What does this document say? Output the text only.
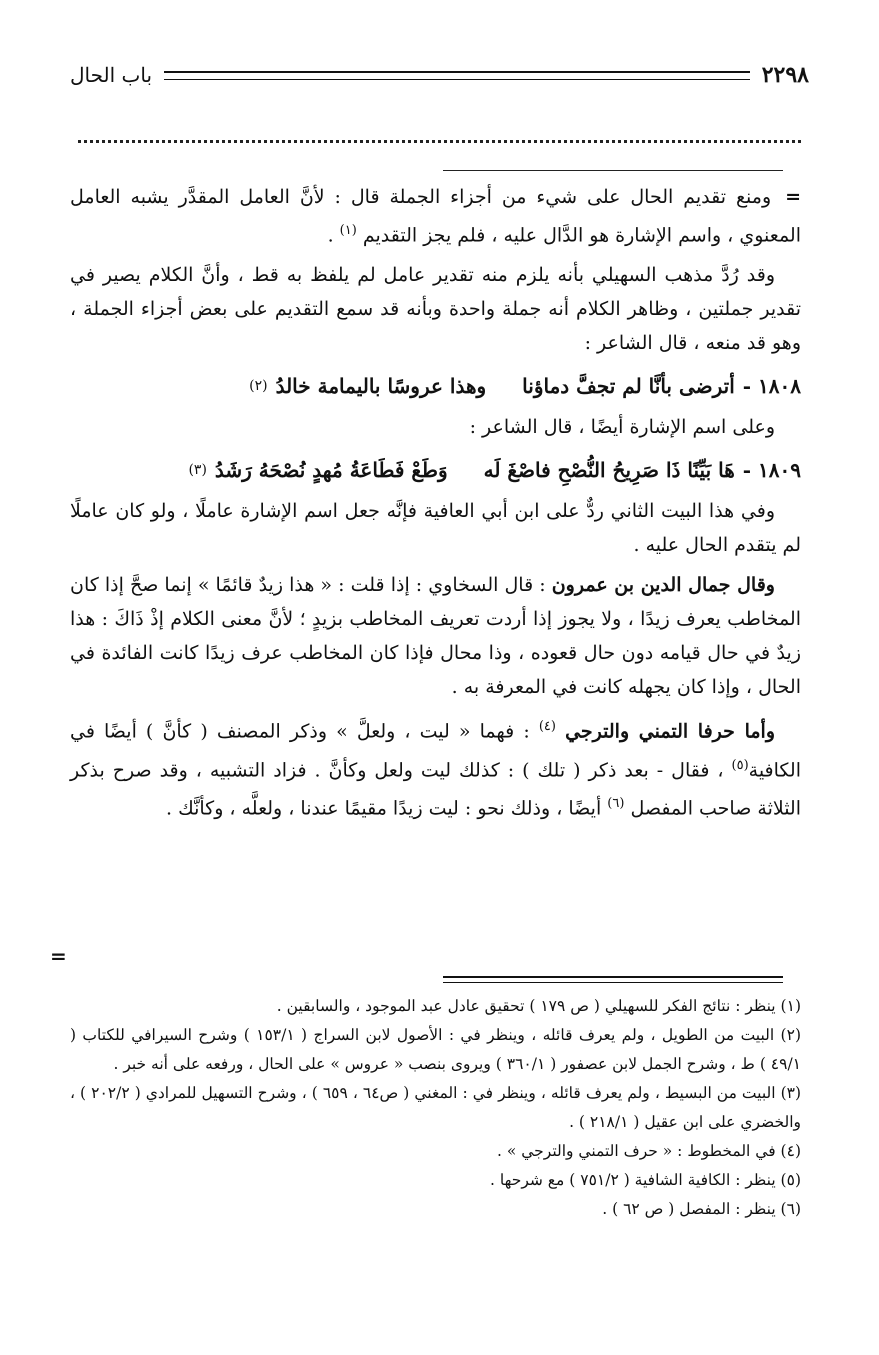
٢٢٩٨
باب الحال

= ومنع تقديم الحال على شيء من أجزاء الجملة قال : لأنَّ العامل المقدَّر يشبه العامل المعنوي ، واسم الإشارة هو الدَّال عليه ، فلم يجز التقديم $^{(١)}$ .

وقد رُدَّ مذهب السهيلي بأنه يلزم منه تقدير عامل لم يلفظ به قط ، وأنَّ الكلام يصير في تقدير جملتين ، وظاهر الكلام أنه جملة واحدة وبأنه قد سمع التقديم على بعض أجزاء الجملة ، وهو قد منعه ، قال الشاعر :

١٨٠٨ -
أترضى بأنَّا لم تجفَّ دماؤنا
وهذا عروسًا باليمامة خالدُ
(٢)

وعلى اسم الإشارة أيضًا ، قال الشاعر :

١٨٠٩ -
هَا بَيِّنًا ذَا صَرِيحُ النُّصْحِ فاصْغَ لَه
وَطَعْ فَطَاعَةُ مُهدٍ نُصْحَهُ رَشَدُ
(٣)

وفي هذا البيت الثاني ردٌّ على ابن أبي العافية فإنَّه جعل اسم الإشارة عاملًا ، ولو كان عاملًا لم يتقدم الحال عليه .

وقال جمال الدين بن عمرون : قال السخاوي : إذا قلت : « هذا زيدٌ قائمًا » إنما صحَّ إذا كان المخاطب يعرف زيدًا ، ولا يجوز إذا أردت تعريف المخاطب بزيدٍ ؛ لأنَّ معنى الكلام إذْ ذَاكَ : هذا زيدٌ في حال قيامه دون حال قعوده ، وذا محال فإذا كان المخاطب عرف زيدًا كانت الفائدة في الحال ، وإذا كان يجهله كانت في المعرفة به .

وأما حرفا التمني والترجي $^{(٤)}$ : فهما « ليت ، ولعلَّ » وذكر المصنف ( كأنَّ ) أيضًا في الكافية$^{(٥)}$ ، فقال - بعد ذكر ( تلك ) : كذلك ليت ولعل وكأنَّ . فزاد التشبيه ، وقد صرح بذكر الثلاثة صاحب المفصل $^{(٦)}$ أيضًا ، وذلك نحو : ليت زيدًا مقيمًا عندنا ، ولعلَّه ، وكأنَّك .

=

(١) ينظر : نتائج الفكر للسهيلي ( ص ١٧٩ ) تحقيق عادل عبد الموجود ، والسابقين .

(٢) البيت من الطويل ، ولم يعرف قائله ، وينظر في : الأصول لابن السراج ( ١٥٣/١ ) وشرح السيرافي للكتاب ( ٤٩/١ ) ط ، وشرح الجمل لابن عصفور ( ٣٦٠/١ ) ويروى بنصب « عروس » على الحال ، ورفعه على أنه خبر .

(٣) البيت من البسيط ، ولم يعرف قائله ، وينظر في : المغني ( ص٦٤ ، ٦٥٩ ) ، وشرح التسهيل للمرادي ( ٢٠٢/٢ ) ، والخضري على ابن عقيل ( ٢١٨/١ ) .

(٤) في المخطوط : « حرف التمني والترجي » .

(٥) ينظر : الكافية الشافية ( ٧٥١/٢ ) مع شرحها .

(٦) ينظر : المفصل ( ص ٦٢ ) .
